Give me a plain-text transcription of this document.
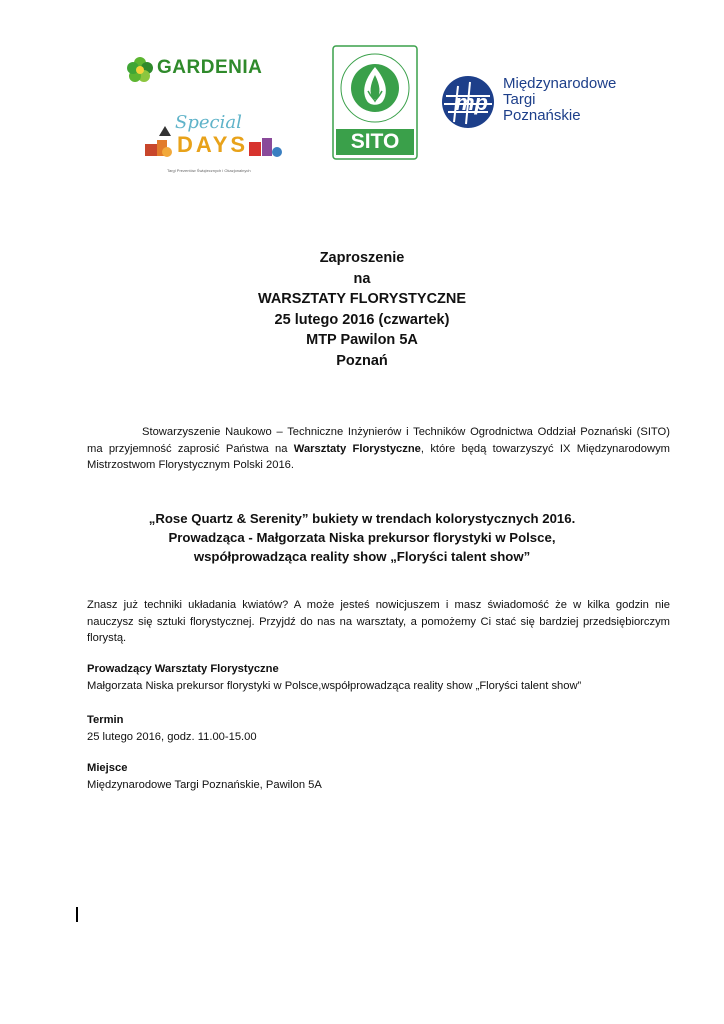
GARDENIA
Special
DAYS
Targi Prezentów Świątecznych i Okazjonalnych
SITO
mp
Międzynarodowe
Targi
Poznańskie
Zaproszenie
na
WARSZTATY FLORYSTYCZNE
25 lutego 2016 (czwartek)
MTP Pawilon 5A
Poznań
Stowarzyszenie Naukowo – Techniczne Inżynierów i Techników Ogrodnictwa Oddział Poznański (SITO) ma przyjemność zaprosić Państwa na Warsztaty Florystyczne, które będą towarzyszyć IX Międzynarodowym Mistrzostwom Florystycznym Polski 2016.
„Rose Quartz & Serenity” bukiety w trendach kolorystycznych 2016.
Prowadząca - Małgorzata Niska prekursor florystyki w Polsce,
współprowadząca reality show „Floryści talent show”
Znasz już techniki układania kwiatów? A może jesteś nowicjuszem i masz świadomość że w kilka godzin nie nauczysz się sztuki florystycznej. Przyjdź do nas na warsztaty, a pomożemy Ci stać się bardziej przedsiębiorczym florystą.
Prowadzący Warsztaty Florystyczne
Małgorzata Niska prekursor florystyki w Polsce,współprowadząca reality show „Floryści talent show”
Termin
25 lutego 2016, godz. 11.00-15.00
Miejsce
Międzynarodowe Targi Poznańskie, Pawilon 5A
